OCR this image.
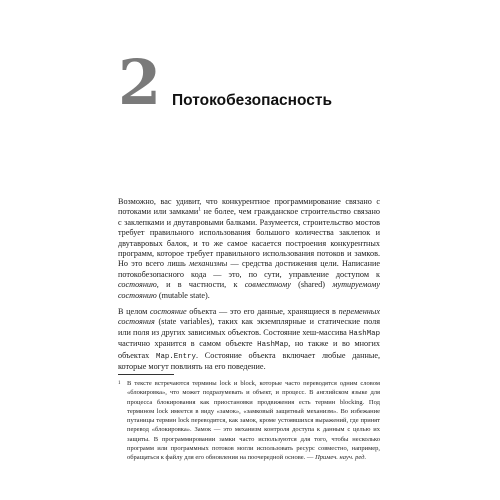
2 Потокобезопасность

Возможно, вас удивит, что конкурентное программирование связано с потоками или замками$^1$ не более, чем гражданское строительство связано с заклепками и двутавровыми балками. Разумеется, строительство мостов требует правильного использования большого количества заклепок и двутавровых балок, и то же самое касается построения конкурентных программ, которое требует правильного использования потоков и замков. Но это всего лишь механизмы — средства достижения цели. Написание потокобезопасного кода — это, по сути, управление доступом к состоянию, и в частности, к совместному (shared) мутируемому состоянию (mutable state).

В целом состояние объекта — это его данные, хранящиеся в переменных состояния (state variables), таких как экземплярные и статические поля или поля из других зависимых объектов. Состояние хеш-массива HashMap частично хранится в самом объекте HashMap, но также и во многих объектах Map.Entry. Состояние объекта включает любые данные, которые могут повлиять на его поведение.

1 В тексте встречаются термины lock и block, которые часто переводятся одним словом «блокировка», что может подразумевать и объект, и процесс. В английском языке для процесса блокирования как приостановки продвижения есть термин blocking. Под термином lock имеется в виду «замок», «замковый защитный механизм». Во избежание путаницы термин lock переводится, как замок, кроме устоявшихся выражений, где принят перевод «блокировка». Замок — это механизм контроля доступа к данным с целью их защиты. В программировании замки часто используются для того, чтобы несколько программ или программных потоков могли использовать ресурс совместно, например, обращаться к файлу для его обновления на поочередной основе. — Примеч. науч. ред.
